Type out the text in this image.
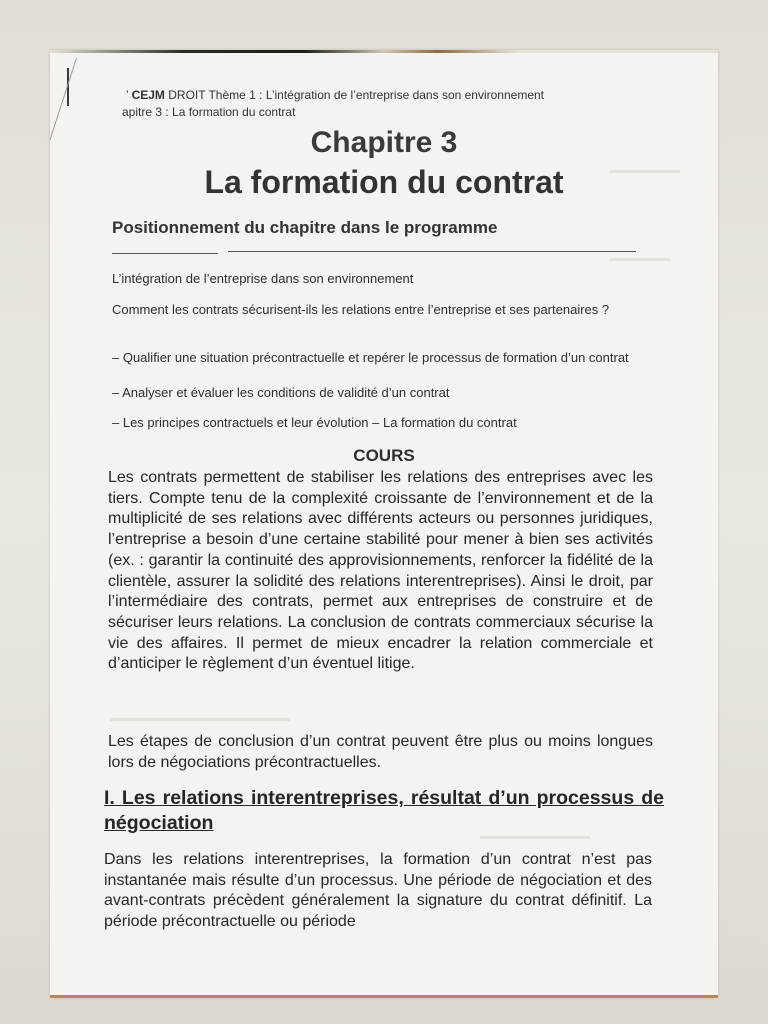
’ CEJM DROIT Thème 1 : L’intégration de l’entreprise dans son environnement
apitre 3 : La formation du contrat
Chapitre 3
La formation du contrat
Positionnement du chapitre dans le programme
L’intégration de l’entreprise dans son environnement
Comment les contrats sécurisent-ils les relations entre l’entreprise et ses partenaires ?
– Qualifier une situation précontractuelle et repérer le processus de formation d’un contrat
– Analyser et évaluer les conditions de validité d’un contrat
– Les principes contractuels et leur évolution – La formation du contrat
COURS
Les contrats permettent de stabiliser les relations des entreprises avec les tiers. Compte tenu de la complexité croissante de l’environnement et de la multiplicité de ses relations avec différents acteurs ou personnes juridiques, l’entreprise a besoin d’une certaine stabilité pour mener à bien ses activités (ex. : garantir la continuité des approvisionnements, renforcer la fidélité de la clientèle, assurer la solidité des relations interentreprises). Ainsi le droit, par l’intermédiaire des contrats, permet aux entreprises de construire et de sécuriser leurs relations. La conclusion de contrats commerciaux sécurise la vie des affaires. Il permet de mieux encadrer la relation commerciale et d’anticiper le règlement d’un éventuel litige.
Les étapes de conclusion d’un contrat peuvent être plus ou moins longues lors de négociations précontractuelles.
I. Les relations interentreprises, résultat d’un processus de négociation
Dans les relations interentreprises, la formation d’un contrat n’est pas instantanée mais résulte d’un processus. Une période de négociation et des avant-contrats précèdent généralement la signature du contrat définitif. La période précontractuelle ou période
